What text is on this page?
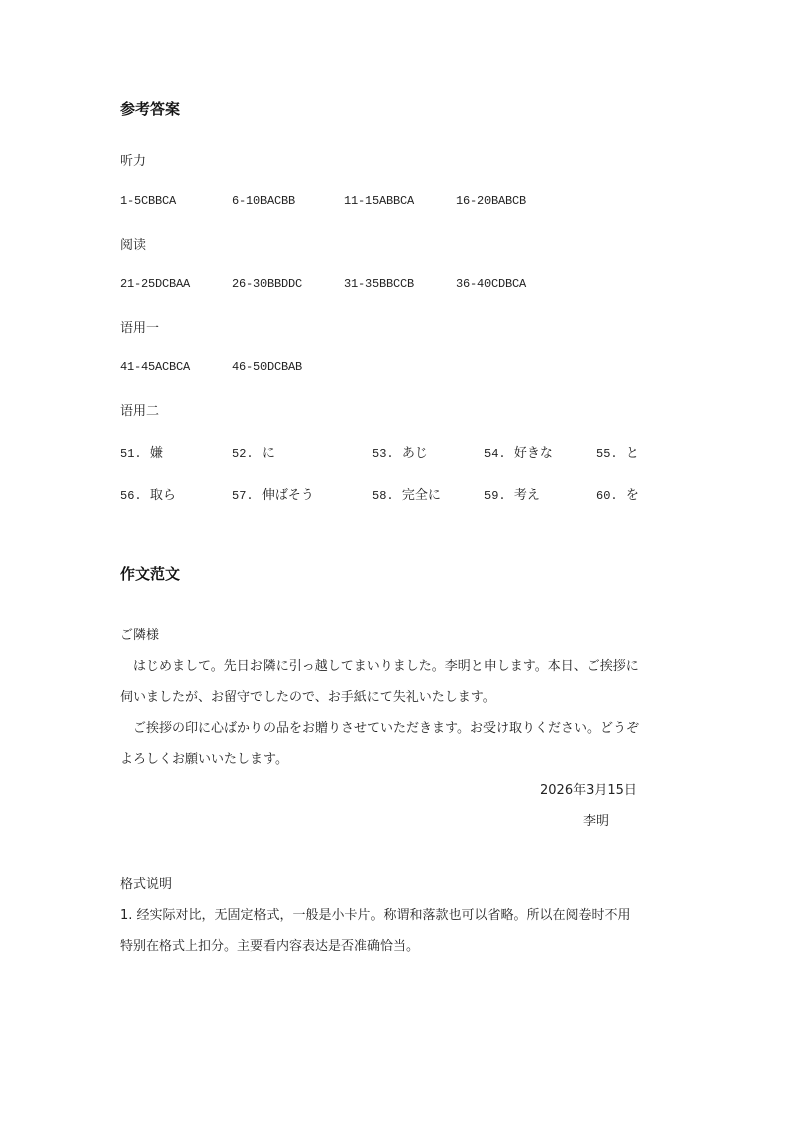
参考答案
听力
1-5CBBCA	6-10BACBB	11-15ABBCA	16-20BABCB
阅读
21-25DCBAA	26-30BBDDC	31-35BBCCB	36-40CDBCA
语用一
41-45ACBCA	46-50DCBAB
语用二
51. 嫌	52. に	53. あじ	54. 好きな	55. と
56. 取ら	57. 伸ばそう	58. 完全に	59. 考え	60. を
作文范文
ご隣様
はじめまして。先日お隣に引っ越してまいりました。李明と申します。本日、ご挨拶に
伺いましたが、お留守でしたので、お手紙にて失礼いたします。
ご挨拶の印に心ばかりの品をお贈りさせていただきます。お受け取りください。どうぞ
よろしくお願いいたします。
2026年3月15日
李明
格式说明
1. 经实际对比，无固定格式，一般是小卡片。称谓和落款也可以省略。所以在阅卷时不用
特别在格式上扣分。主要看内容表达是否准确恰当。
